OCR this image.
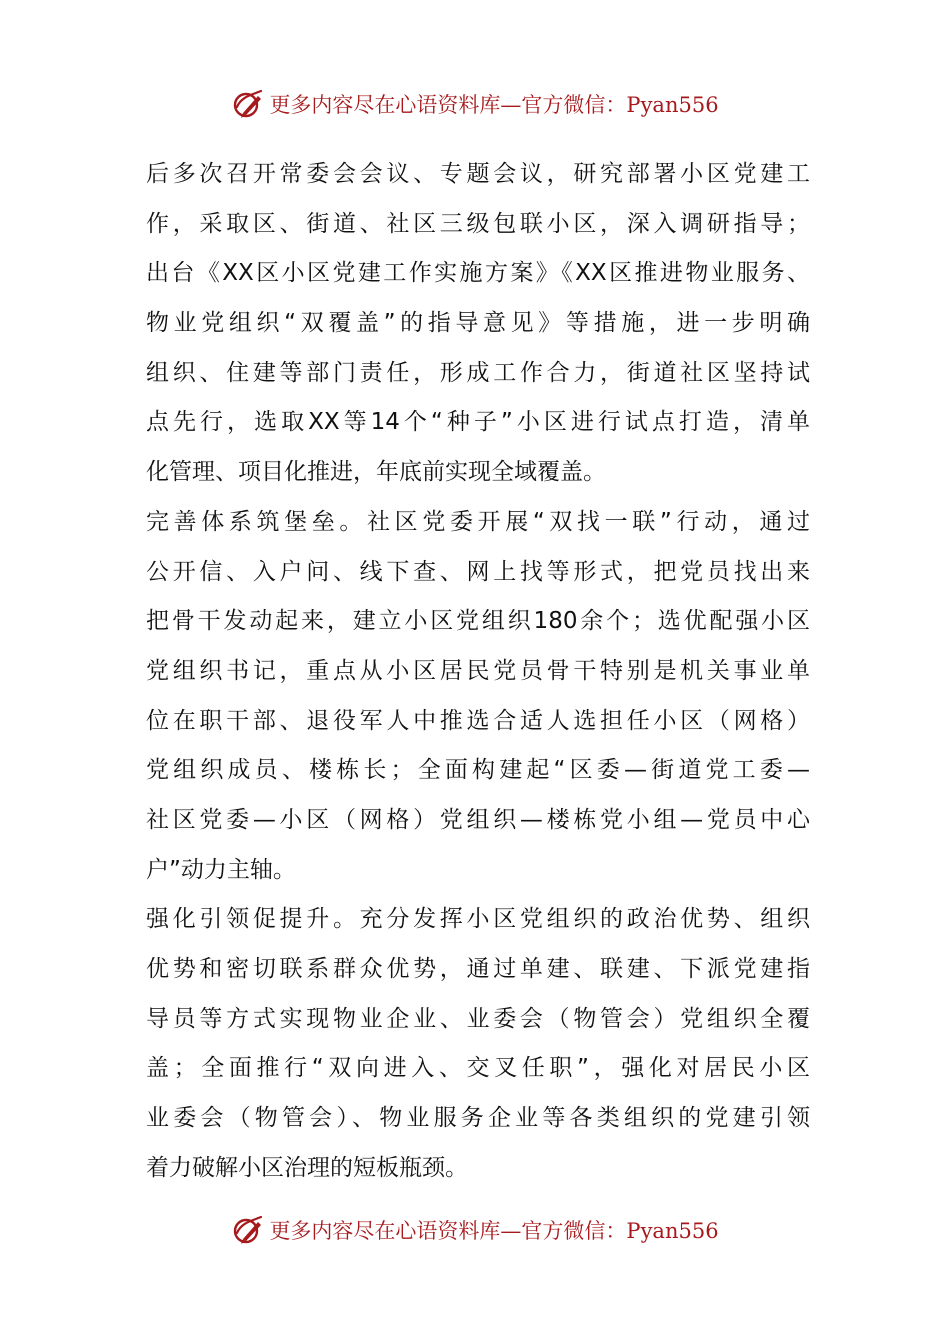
更多内容尽在心语资料库—官方微信：Pyan556
后多次召开常委会会议、专题会议，研究部署小区党建工
作，采取区、街道、社区三级包联小区，深入调研指导；
出台《XX区小区党建工作实施方案》《XX区推进物业服务、
物业党组织“双覆盖”的指导意见》等措施，进一步明确
组织、住建等部门责任，形成工作合力，街道社区坚持试
点先行，选取XX等14个“种子”小区进行试点打造，清单
化管理、项目化推进，年底前实现全域覆盖。
完善体系筑堡垒。社区党委开展“双找一联”行动，通过
公开信、入户问、线下查、网上找等形式，把党员找出来
把骨干发动起来，建立小区党组织180余个；选优配强小区
党组织书记，重点从小区居民党员骨干特别是机关事业单
位在职干部、退役军人中推选合适人选担任小区（网格）
党组织成员、楼栋长；全面构建起“区委—街道党工委—
社区党委—小区（网格）党组织—楼栋党小组—党员中心
户”动力主轴。
强化引领促提升。充分发挥小区党组织的政治优势、组织
优势和密切联系群众优势，通过单建、联建、下派党建指
导员等方式实现物业企业、业委会（物管会）党组织全覆
盖；全面推行“双向进入、交叉任职”，强化对居民小区
业委会（物管会）、物业服务企业等各类组织的党建引领
着力破解小区治理的短板瓶颈。
更多内容尽在心语资料库—官方微信：Pyan556
